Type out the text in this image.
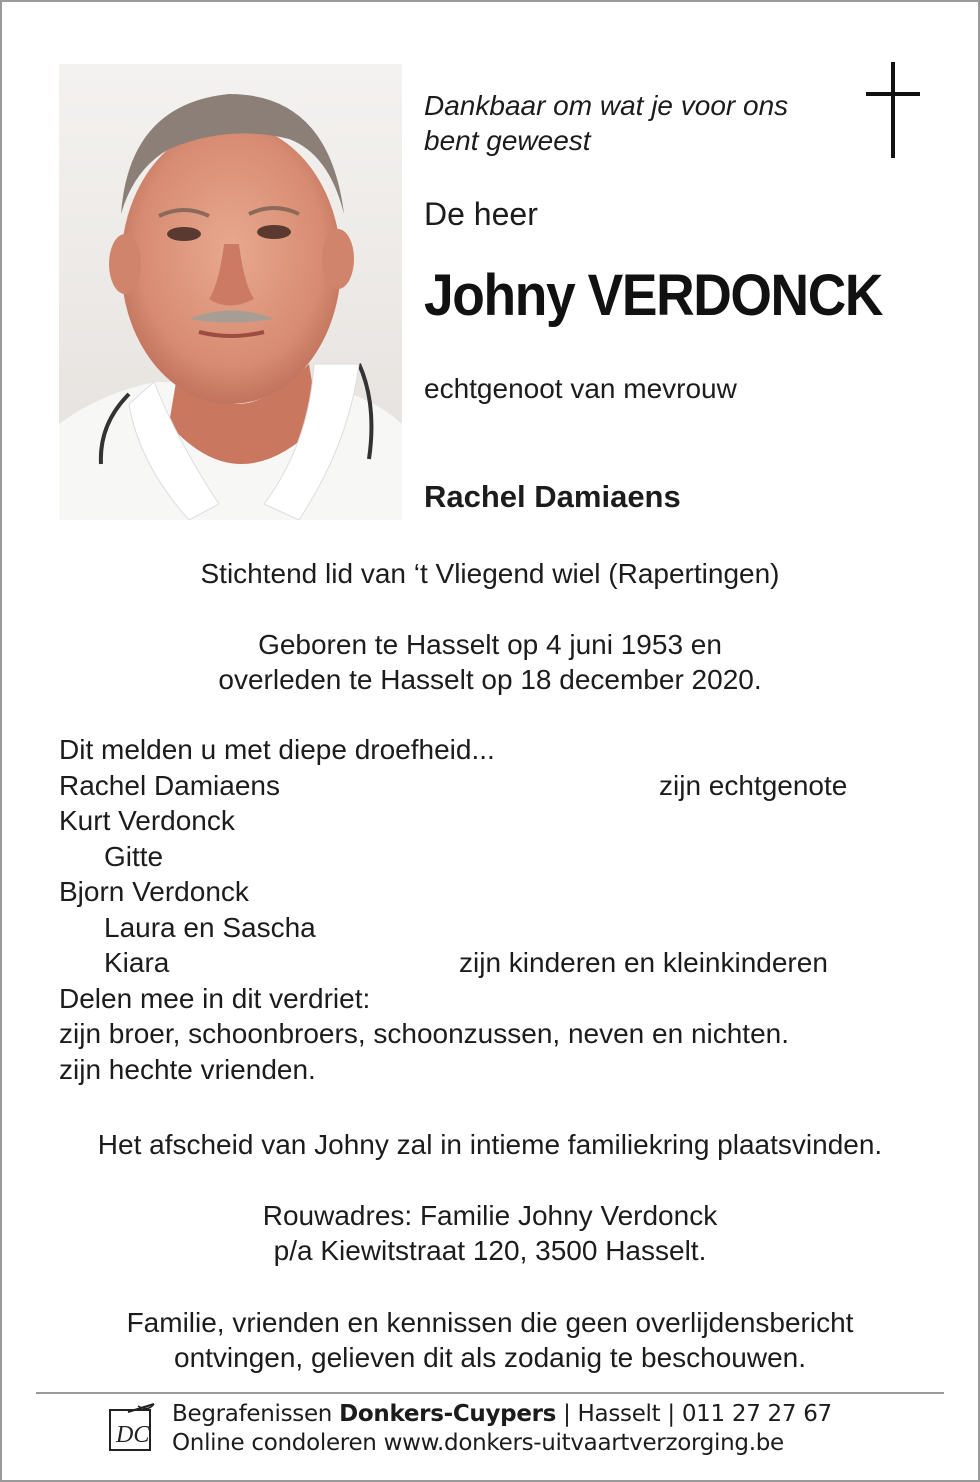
Dankbaar om wat je voor ons
bent geweest
De heer
Johny VERDONCK
echtgenoot van mevrouw
Rachel Damiaens
Stichtend lid van ‘t Vliegend wiel (Rapertingen)
Geboren te Hasselt op 4 juni 1953 en
overleden te Hasselt op 18 december 2020.
Dit melden u met diepe droefheid...
Rachel Damiaens	zijn echtgenote
Kurt Verdonck
Gitte
Bjorn Verdonck
Laura en Sascha
Kiara	zijn kinderen en kleinkinderen
Delen mee in dit verdriet:
zijn broer, schoonbroers, schoonzussen, neven en nichten.
zijn hechte vrienden.
Het afscheid van Johny zal in intieme familiekring plaatsvinden.
Rouwadres: Familie Johny Verdonck
p/a Kiewitstraat 120, 3500 Hasselt.
Familie, vrienden en kennissen die geen overlijdensbericht
ontvingen, gelieven dit als zodanig te beschouwen.
DC
Begrafenissen Donkers-Cuypers | Hasselt | 011 27 27 67
Online condoleren www.donkers-uitvaartverzorging.be
